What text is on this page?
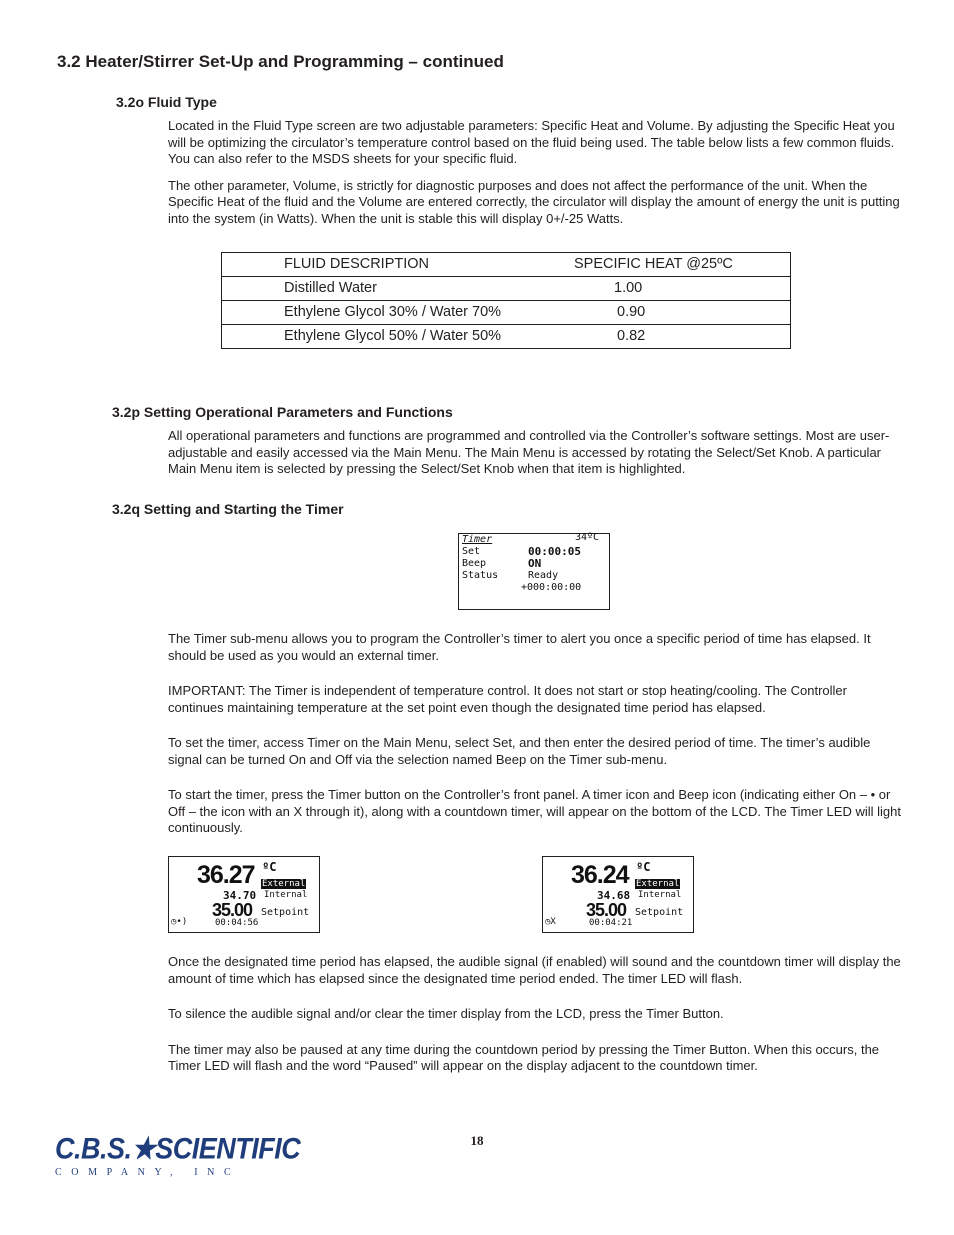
3.2 Heater/Stirrer Set-Up and Programming – continued
3.2o Fluid Type

Located in the Fluid Type screen are two adjustable parameters: Specific Heat and Volume. By adjusting the Specific Heat you will be optimizing the circulator’s temperature control based on the fluid being used. The table below lists a few common fluids. You can also refer to the MSDS sheets for your specific fluid.

The other parameter, Volume, is strictly for diagnostic purposes and does not affect the performance of the unit. When the Specific Heat of the fluid and the Volume are entered correctly, the circulator will display the amount of energy the unit is putting into the system (in Watts). When the unit is stable this will display 0+/-25 Watts.

FLUID DESCRIPTION	SPECIFIC HEAT @25ºC
Distilled Water	1.00
Ethylene Glycol 30% / Water 70%	0.90
Ethylene Glycol 50% / Water 50%	0.82
3.2p Setting Operational Parameters and Functions
All operational parameters and functions are programmed and controlled via the Controller’s software settings. Most are user-adjustable and easily accessed via the Main Menu. The Main Menu is accessed by rotating the Select/Set Knob. A particular Main Menu item is selected by pressing the Select/Set Knob when that item is highlighted.
3.2q Setting and Starting the Timer
Timer	34ºC
Set	00:00:05
Beep	ON
Status	Ready
+000:00:00

The Timer sub-menu allows you to program the Controller’s timer to alert you once a specific period of time has elapsed. It should be used as you would an external timer.

IMPORTANT: The Timer is independent of temperature control. It does not start or stop heating/cooling. The Controller continues maintaining temperature at the set point even though the designated time period has elapsed.

To set the timer, access Timer on the Main Menu, select Set, and then enter the desired period of time. The timer’s audible signal can be turned On and Off via the selection named Beep on the Timer sub-menu.

To start the timer, press the Timer button on the Controller’s front panel. A timer icon and Beep icon (indicating either On – • or Off – the icon with an X through it), along with a countdown timer, will appear on the bottom of the LCD. The Timer LED will light continuously.

36.27 ºC
External
34.70 Internal
35.00 Setpoint
◷•)	00:04:56
36.24 ºC
External
34.68 Internal
35.00 Setpoint
◷X	00:04:21

Once the designated time period has elapsed, the audible signal (if enabled) will sound and the countdown timer will display the amount of time which has elapsed since the designated time period ended. The timer LED will flash.

To silence the audible signal and/or clear the timer display from the LCD, press the Timer Button.

The timer may also be paused at any time during the countdown period by pressing the Timer Button. When this occurs, the Timer LED will flash and the word “Paused” will appear on the display adjacent to the countdown timer.

18
C.B.S.★SCIENTIFIC
COMPANY, INC
